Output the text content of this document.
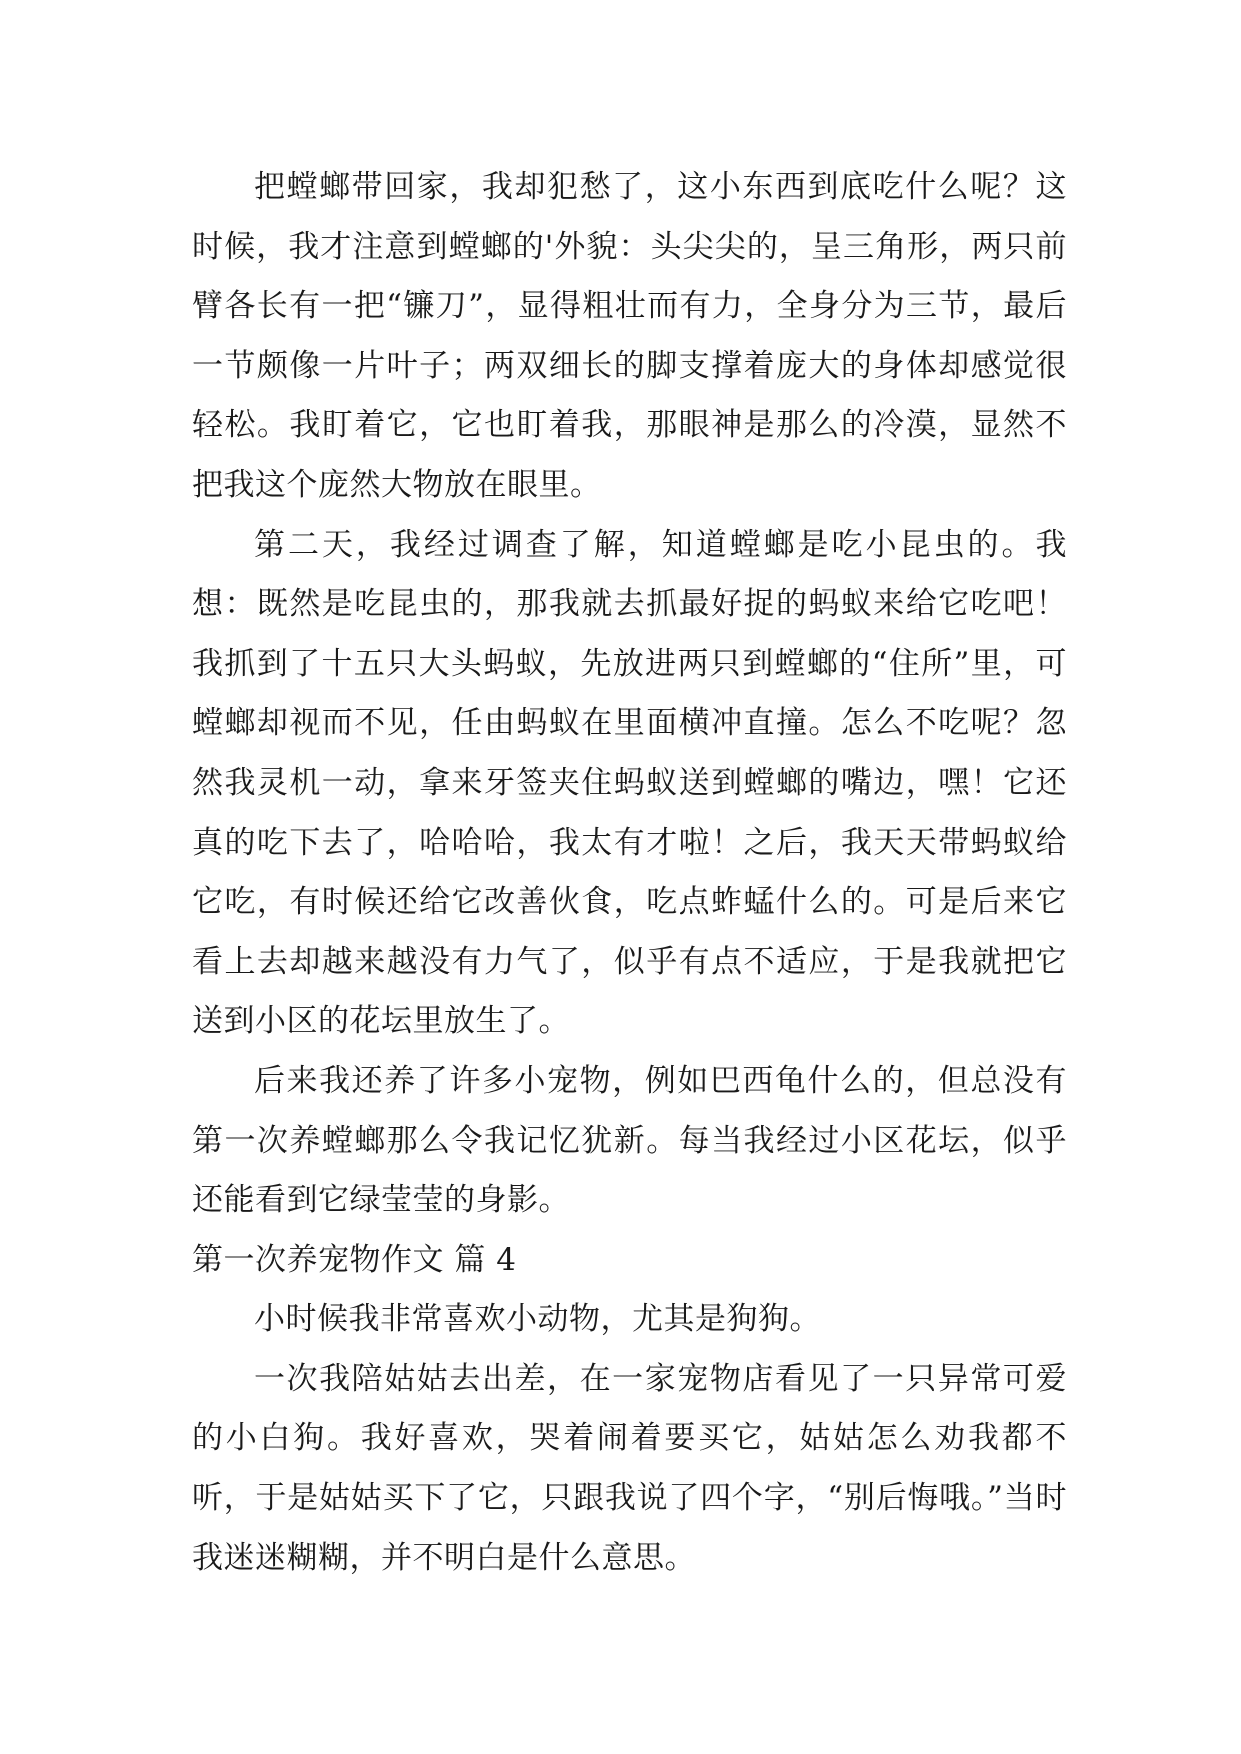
把螳螂带回家，我却犯愁了，这小东西到底吃什么呢？这时候，我才注意到螳螂的'外貌：头尖尖的，呈三角形，两只前臂各长有一把“镰刀”，显得粗壮而有力，全身分为三节，最后一节颇像一片叶子；两双细长的脚支撑着庞大的身体却感觉很轻松。我盯着它，它也盯着我，那眼神是那么的冷漠，显然不把我这个庞然大物放在眼里。

第二天，我经过调查了解，知道螳螂是吃小昆虫的。我想：既然是吃昆虫的，那我就去抓最好捉的蚂蚁来给它吃吧！我抓到了十五只大头蚂蚁，先放进两只到螳螂的“住所”里，可螳螂却视而不见，任由蚂蚁在里面横冲直撞。怎么不吃呢？忽然我灵机一动，拿来牙签夹住蚂蚁送到螳螂的嘴边，嘿！它还真的吃下去了，哈哈哈，我太有才啦！之后，我天天带蚂蚁给它吃，有时候还给它改善伙食，吃点蚱蜢什么的。可是后来它看上去却越来越没有力气了，似乎有点不适应，于是我就把它送到小区的花坛里放生了。

后来我还养了许多小宠物，例如巴西龟什么的，但总没有第一次养螳螂那么令我记忆犹新。每当我经过小区花坛，似乎还能看到它绿莹莹的身影。

第一次养宠物作文 篇 4

小时候我非常喜欢小动物，尤其是狗狗。

一次我陪姑姑去出差，在一家宠物店看见了一只异常可爱的小白狗。我好喜欢，哭着闹着要买它，姑姑怎么劝我都不听，于是姑姑买下了它，只跟我说了四个字，“别后悔哦。”当时我迷迷糊糊，并不明白是什么意思。
